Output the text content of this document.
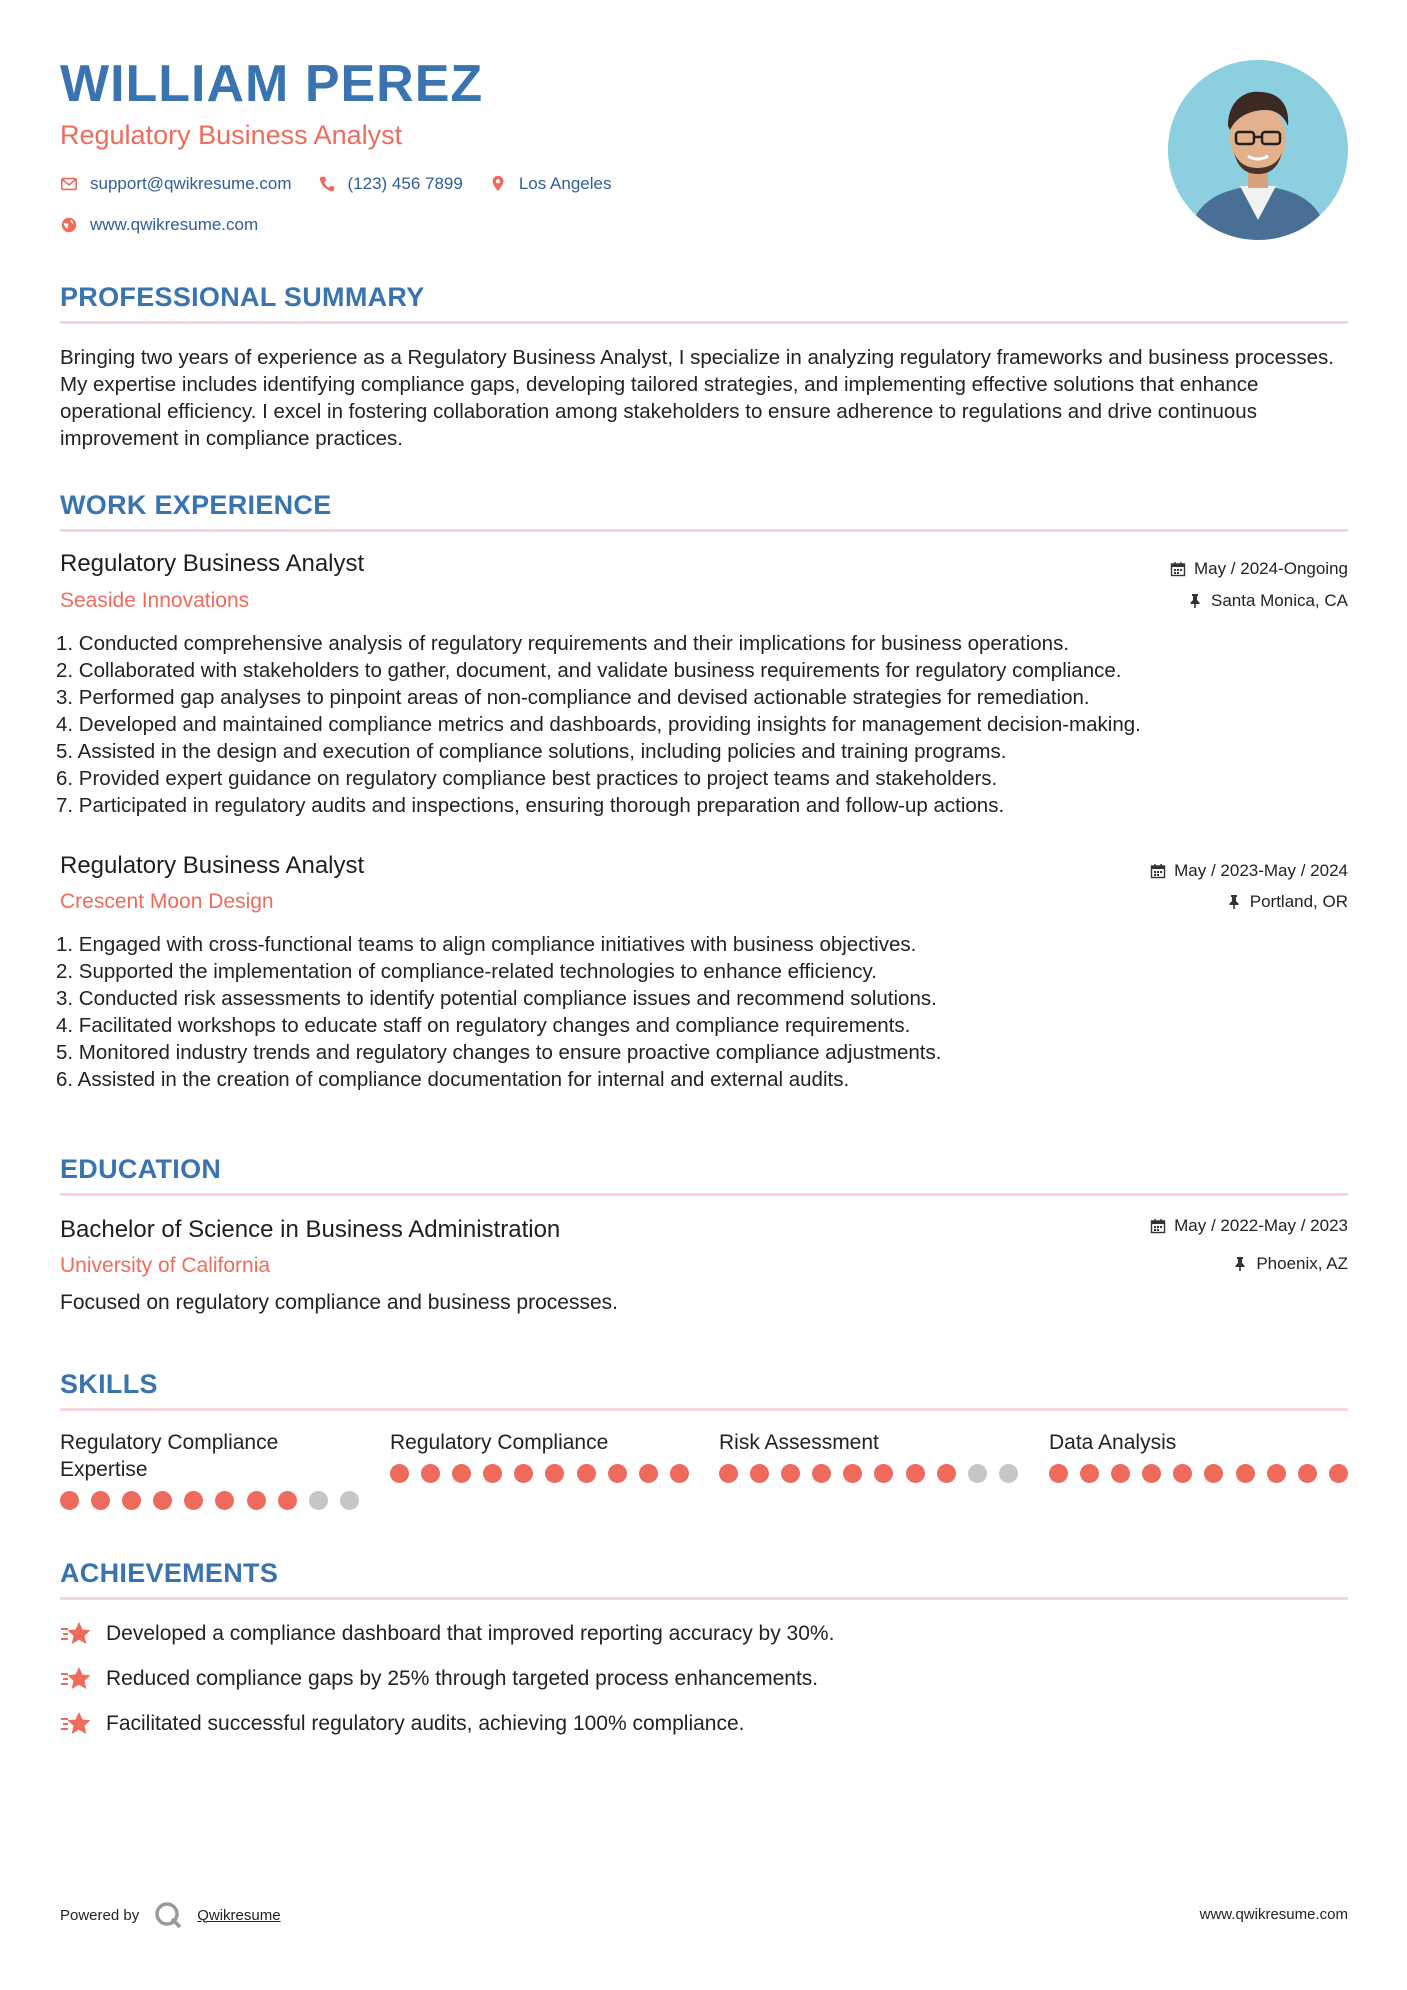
WILLIAM PEREZ
Regulatory Business Analyst
support@qwikresume.com	(123) 456 7899	Los Angeles
www.qwikresume.com
PROFESSIONAL SUMMARY

Bringing two years of experience as a Regulatory Business Analyst, I specialize in analyzing regulatory frameworks and business processes. My expertise includes identifying compliance gaps, developing tailored strategies, and implementing effective solutions that enhance operational efficiency. I excel in fostering collaboration among stakeholders to ensure adherence to regulations and drive continuous improvement in compliance practices.

WORK EXPERIENCE
Regulatory Business Analyst
Seaside Innovations
May / 2024-Ongoing
Santa Monica, CA
1. Conducted comprehensive analysis of regulatory requirements and their implications for business operations.
2. Collaborated with stakeholders to gather, document, and validate business requirements for regulatory compliance.
3. Performed gap analyses to pinpoint areas of non-compliance and devised actionable strategies for remediation.
4. Developed and maintained compliance metrics and dashboards, providing insights for management decision-making.
5. Assisted in the design and execution of compliance solutions, including policies and training programs.
6. Provided expert guidance on regulatory compliance best practices to project teams and stakeholders.
7. Participated in regulatory audits and inspections, ensuring thorough preparation and follow-up actions.
Regulatory Business Analyst
Crescent Moon Design
May / 2023-May / 2024
Portland, OR
1. Engaged with cross-functional teams to align compliance initiatives with business objectives.
2. Supported the implementation of compliance-related technologies to enhance efficiency.
3. Conducted risk assessments to identify potential compliance issues and recommend solutions.
4. Facilitated workshops to educate staff on regulatory changes and compliance requirements.
5. Monitored industry trends and regulatory changes to ensure proactive compliance adjustments.
6. Assisted in the creation of compliance documentation for internal and external audits.
EDUCATION
Bachelor of Science in Business Administration
University of California
May / 2022-May / 2023
Phoenix, AZ

Focused on regulatory compliance and business processes.

SKILLS

Regulatory Compliance Expertise

Regulatory Compliance	Risk Assessment	Data Analysis

ACHIEVEMENTS
Developed a compliance dashboard that improved reporting accuracy by 30%.
Reduced compliance gaps by 25% through targeted process enhancements.
Facilitated successful regulatory audits, achieving 100% compliance.
Powered by	Qwikresume	www.qwikresume.com
